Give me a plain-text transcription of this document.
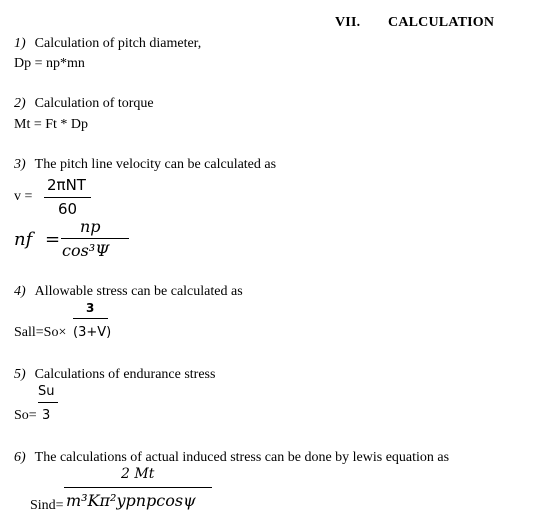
VII. CALCULATION
1) Calculation of pitch diameter,
Dp = np*mn
2) Calculation of torque
Mt = Ft * Dp
3) The pitch line velocity can be calculated as
v =
2πNT
60
nf =
np
cos³Ψ
4) Allowable stress can be calculated as
3
Sall=So× (3+V)
5) Calculations of endurance stress
Su
So= 3
6) The calculations of actual induced stress can be done by lewis equation as
2 Mt
Sind= m³Kπ²ypnpcosψ
